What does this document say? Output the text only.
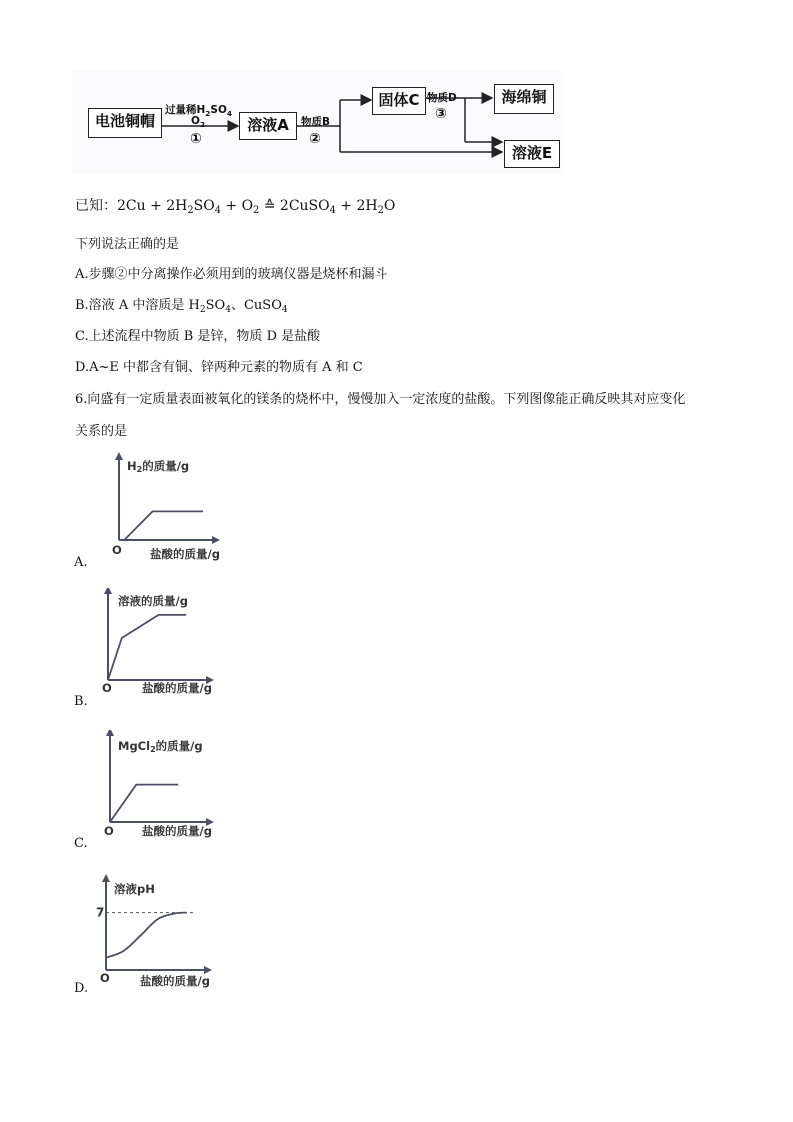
电池铜帽	溶液A
固体C	海绵铜
溶液E
过量稀$H_2SO_4$
$O_2$
①
物质B
②
物质D
③
已知：$2Cu + 2H_2SO_4 + O_2$ ≙ 2CuSO$_4$ + $2H_2O$
下列说法正确的是
A.步骤②中分离操作必须用到的玻璃仪器是烧杯和漏斗
B.溶液 A 中溶质是 $H_2SO_4$、CuSO$_4$
C.上述流程中物质 B 是锌，物质 D 是盐酸
D.A~E 中都含有铜、锌两种元素的物质有 A 和 C
6.向盛有一定质量表面被氧化的镁条的烧杯中，慢慢加入一定浓度的盐酸。下列图像能正确反映其对应变化
关系的是
H2的质量/g
盐酸的质量/g
O
A.
溶液的质量/g
盐酸的质量/g
O
B.
MgCl2的质量/g
盐酸的质量/g
O
C.
溶液pH
盐酸的质量/g
O
7
D.
